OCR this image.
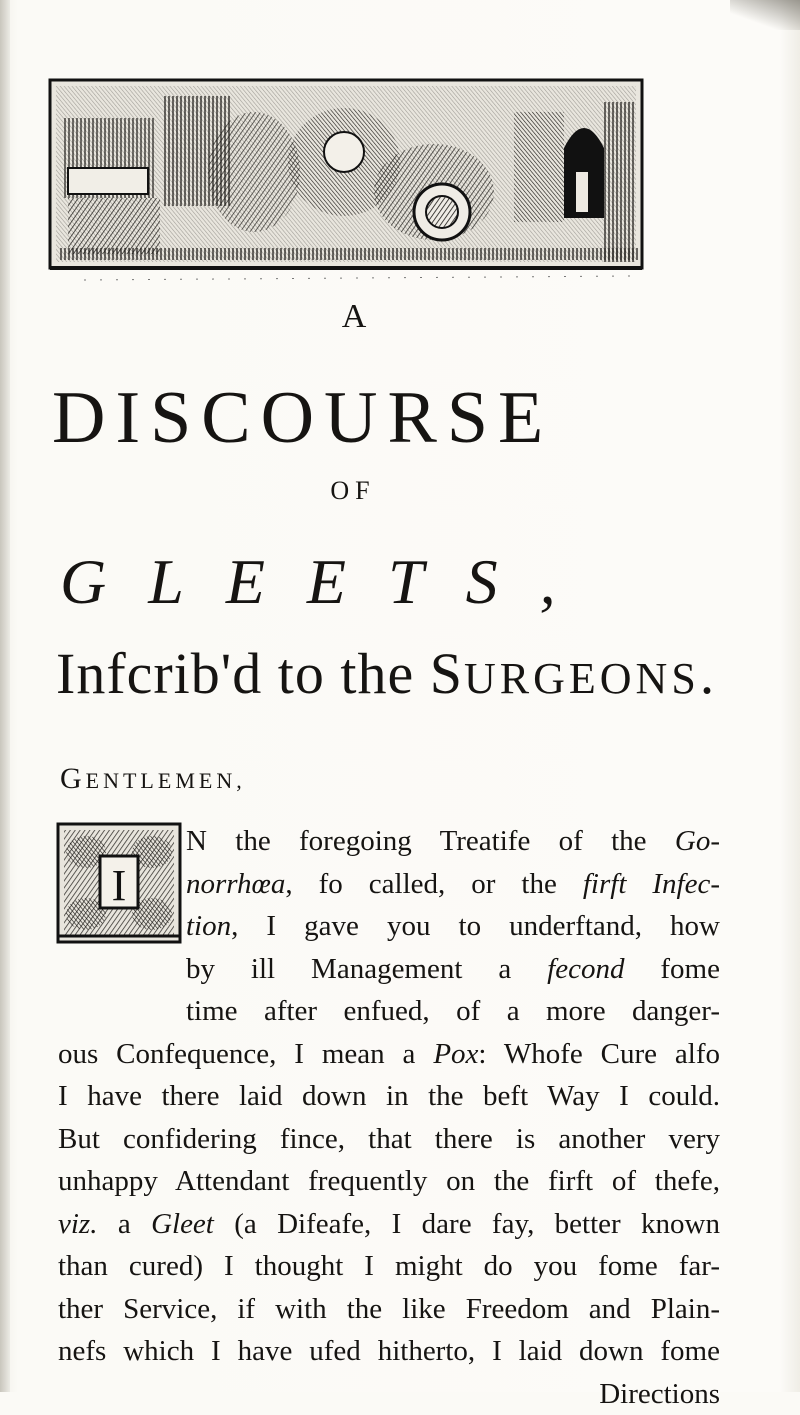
A
DISCOURSE
OF
GLEETS,
Infcrib'd to the SURGEONS.
GENTLEMEN,
I
N the foregoing Treatife of the Go-
norrhœa, fo called, or the firft Infec-
tion, I gave you to underftand, how
by ill Management a fecond fome
time after enfued, of a more danger-
ous Confequence, I mean a Pox: Whofe Cure alfo
I have there laid down in the beft Way I could.
But confidering fince, that there is another very
unhappy Attendant frequently on the firft of thefe,
viz. a Gleet (a Difeafe, I dare fay, better known
than cured) I thought I might do you fome far-
ther Service, if with the like Freedom and Plain-
nefs which I have ufed hitherto, I laid down fome
Directions
